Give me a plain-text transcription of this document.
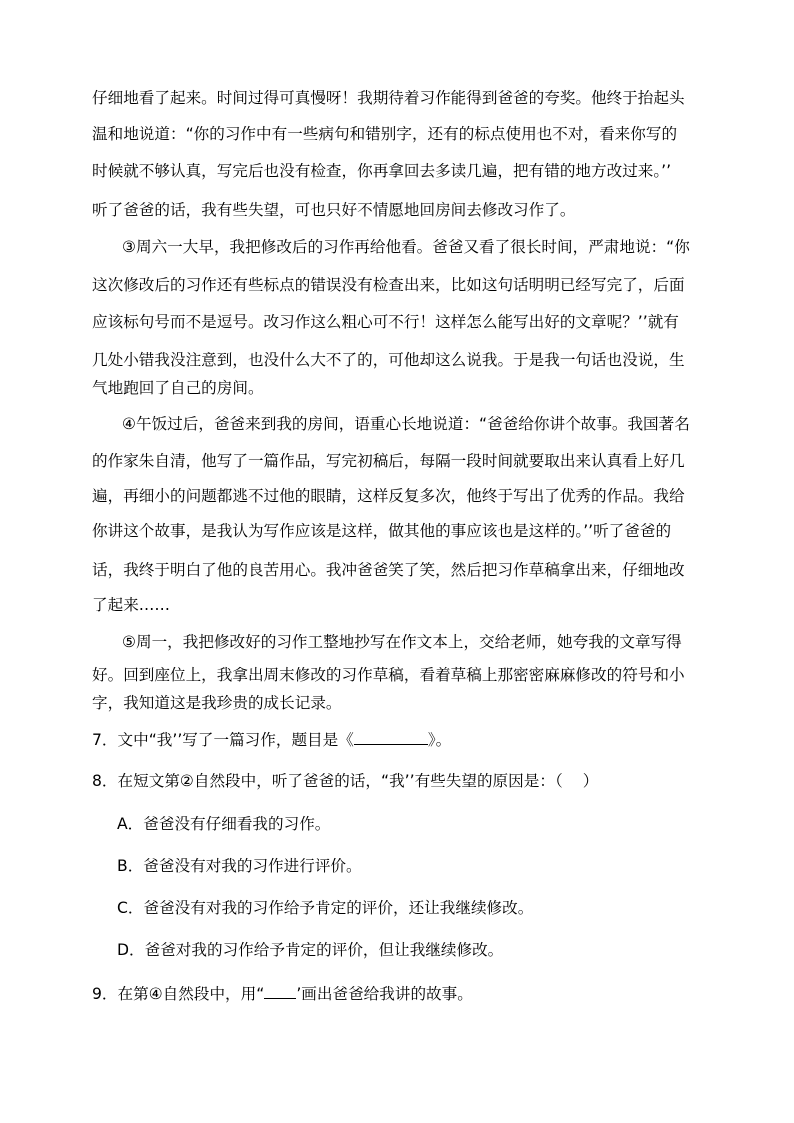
仔细地看了起来。时间过得可真慢呀！我期待着习作能得到爸爸的夸奖。他终于抬起头
温和地说道：“你的习作中有一些病句和错别字，还有的标点使用也不对，看来你写的
时候就不够认真，写完后也没有检查，你再拿回去多读几遍，把有错的地方改过来。’’
听了爸爸的话，我有些失望，可也只好不情愿地回房间去修改习作了。
③周六一大早，我把修改后的习作再给他看。爸爸又看了很长时间，严肃地说：“你
这次修改后的习作还有些标点的错误没有检查出来，比如这句话明明已经写完了，后面
应该标句号而不是逗号。改习作这么粗心可不行！这样怎么能写出好的文章呢？’’就有
几处小错我没注意到，也没什么大不了的，可他却这么说我。于是我一句话也没说，生
气地跑回了自己的房间。
④午饭过后，爸爸来到我的房间，语重心长地说道：“爸爸给你讲个故事。我国著名
的作家朱自清，他写了一篇作品，写完初稿后，每隔一段时间就要取出来认真看上好几
遍，再细小的问题都逃不过他的眼睛，这样反复多次，他终于写出了优秀的作品。我给
你讲这个故事，是我认为写作应该是这样，做其他的事应该也是这样的。’’听了爸爸的
话，我终于明白了他的良苦用心。我冲爸爸笑了笑，然后把习作草稿拿出来，仔细地改
了起来……
⑤周一，我把修改好的习作工整地抄写在作文本上，交给老师，她夸我的文章写得
好。回到座位上，我拿出周末修改的习作草稿，看着草稿上那密密麻麻修改的符号和小
字，我知道这是我珍贵的成长记录。
7．文中“我’’写了一篇习作，题目是《	》。
8．在短文第②自然段中，听了爸爸的话，“我’’有些失望的原因是：（ ）
A．爸爸没有仔细看我的习作。
B．爸爸没有对我的习作进行评价。
C．爸爸没有对我的习作给予肯定的评价，还让我继续修改。
D．爸爸对我的习作给予肯定的评价，但让我继续修改。
9．在第④自然段中，用“ ’画出爸爸给我讲的故事。
